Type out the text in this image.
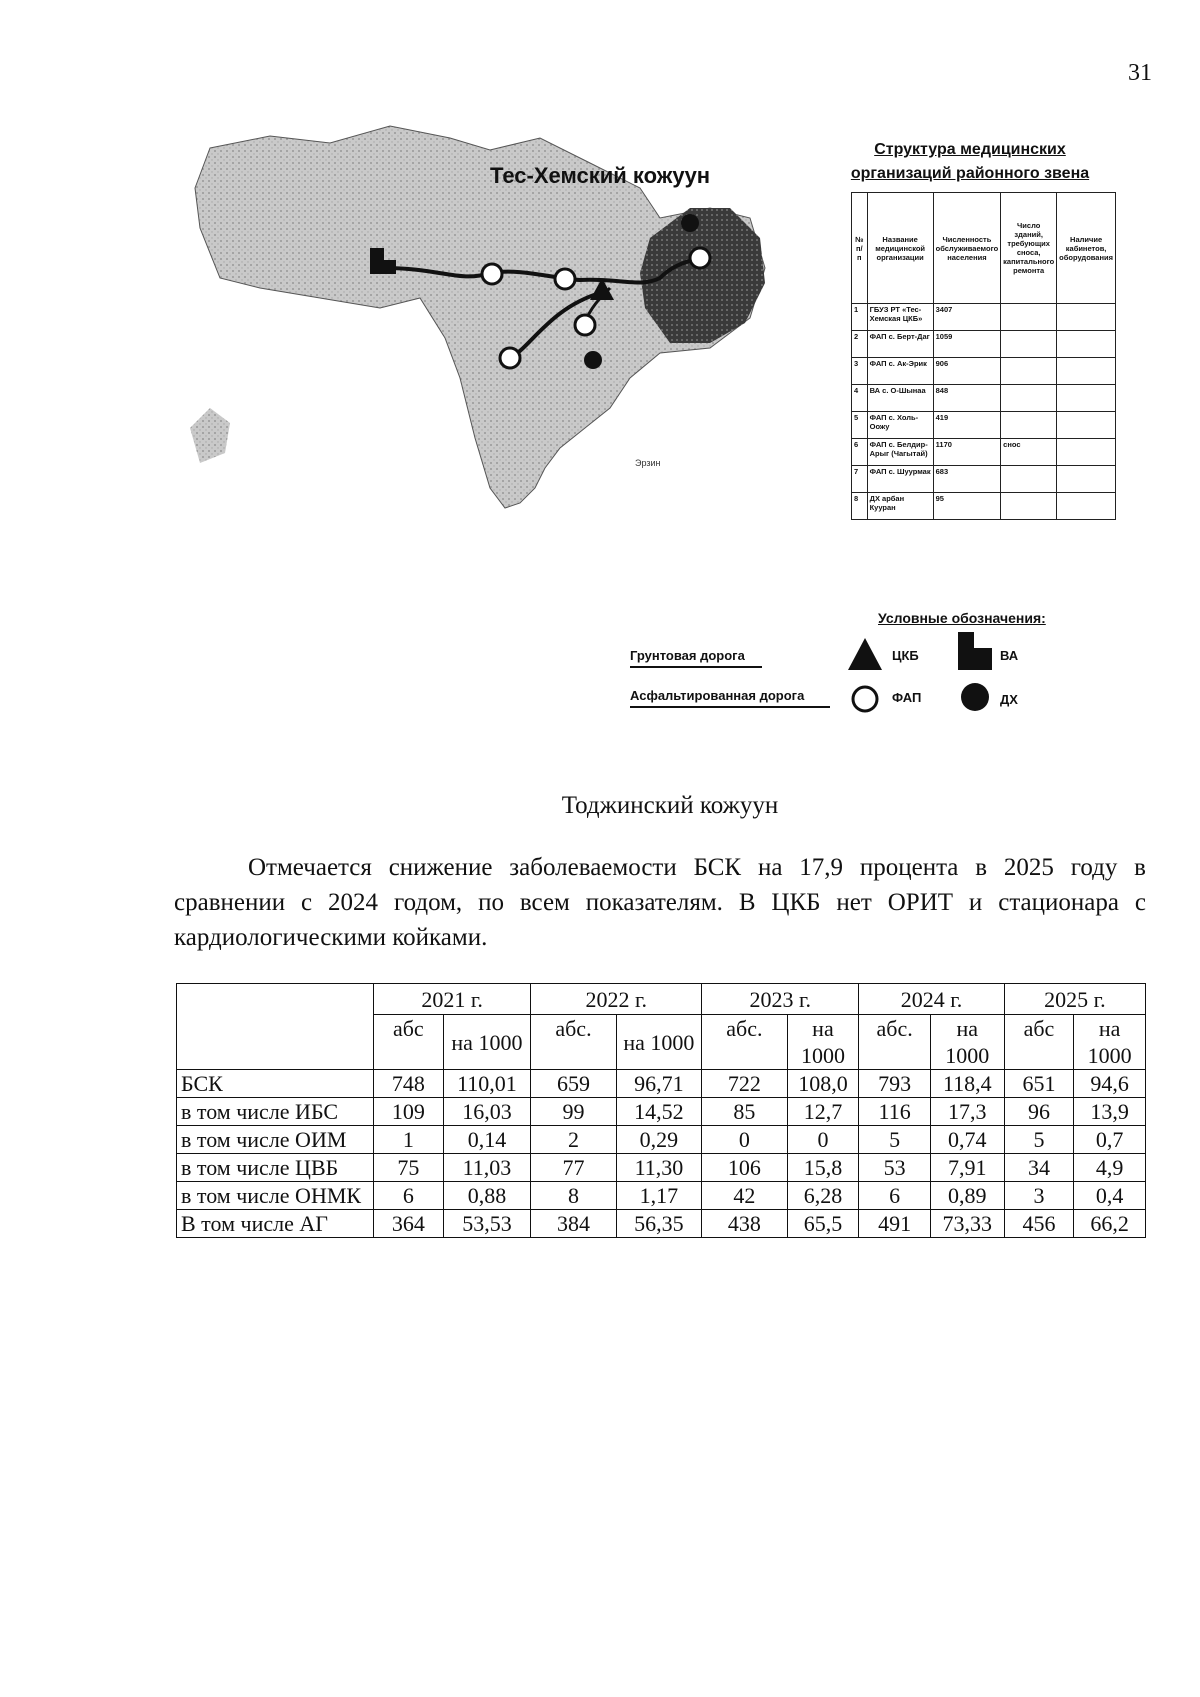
31
Тес-Хемский кожуун
Эрзин
Структура медицинских
организаций районного звена
№ п/п	Название медицинской организации	Численность обслуживаемого населения	Число зданий, требующих сноса, капитального ремонта	Наличие кабинетов, оборудования
1	ГБУЗ РТ «Тес-Хемская ЦКБ»	3407		
2	ФАП с. Берт-Даг	1059		
3	ФАП с. Ак-Эрик	906		
4	ВА с. О-Шынаа	848		
5	ФАП с. Холь-Оожу	419		
6	ФАП с. Белдир-Арыг (Чагытай)	1170	снос	
7	ФАП с. Шуурмак	683		
8	ДХ арбан Кууран	95		
Условные обозначения:
Грунтовая дорога
Асфальтированная дорога
ЦКБ	ВА
ФАП	ДХ
Тоджинский кожуун
Отмечается снижение заболеваемости БСК на 17,9 процента в 2025 году в сравнении с 2024 годом, по всем показателям. В ЦКБ нет ОРИТ и стационара с кардиологическими койками.
	2021 г.		2022 г.		2023 г.		2024 г.		2025 г.	
	абс	на 1000	абс.	на 1000	абс.	на 1000	абс.	на 1000	абс	на 1000
БСК	748	110,01	659	96,71	722	108,0	793	118,4	651	94,6
в том числе ИБС	109	16,03	99	14,52	85	12,7	116	17,3	96	13,9
в том числе ОИМ	1	0,14	2	0,29	0	0	5	0,74	5	0,7
в том числе ЦВБ	75	11,03	77	11,30	106	15,8	53	7,91	34	4,9
в том числе ОНМК	6	0,88	8	1,17	42	6,28	6	0,89	3	0,4
В том числе АГ	364	53,53	384	56,35	438	65,5	491	73,33	456	66,2
